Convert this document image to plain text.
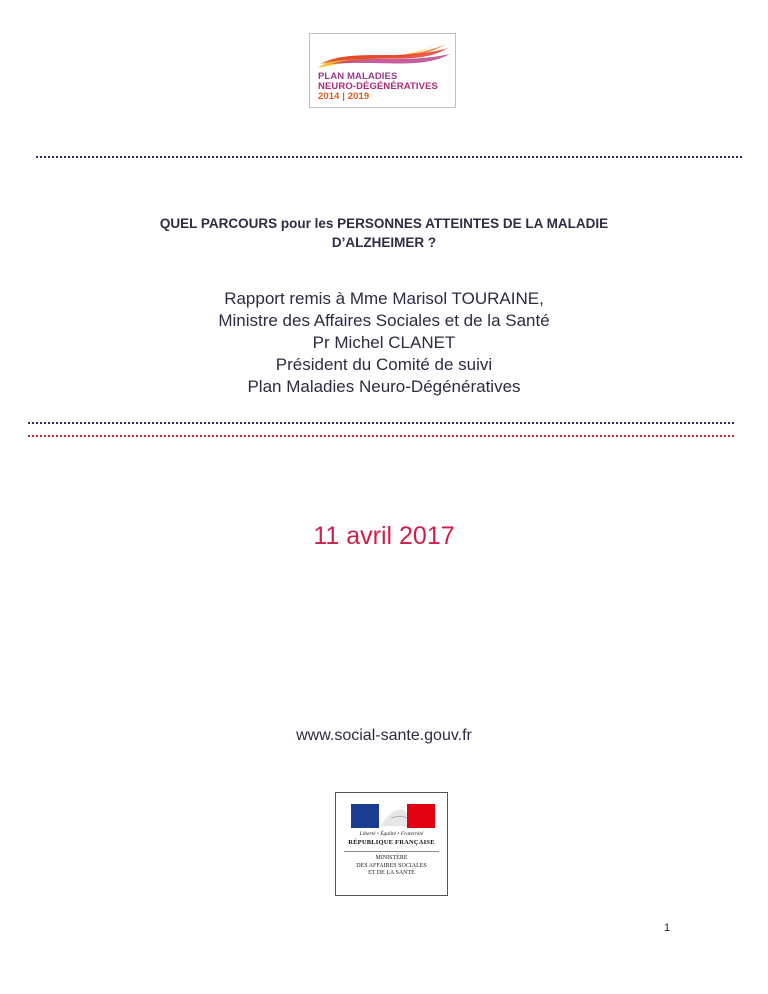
PLAN MALADIES
NEURO-DÉGÉNÉRATIVES
2014 | 2019
QUEL PARCOURS pour les PERSONNES ATTEINTES DE LA MALADIE
D’ALZHEIMER ?
Rapport remis à Mme Marisol TOURAINE,
Ministre des Affaires Sociales et de la Santé
Pr Michel CLANET
Président du Comité de suivi
Plan Maladies Neuro-Dégénératives
11 avril 2017
www.social-sante.gouv.fr
Liberté • Égalité • Fraternité
RÉPUBLIQUE FRANÇAISE
MINISTÈRE
DES AFFAIRES SOCIALES
ET DE LA SANTÉ
1
